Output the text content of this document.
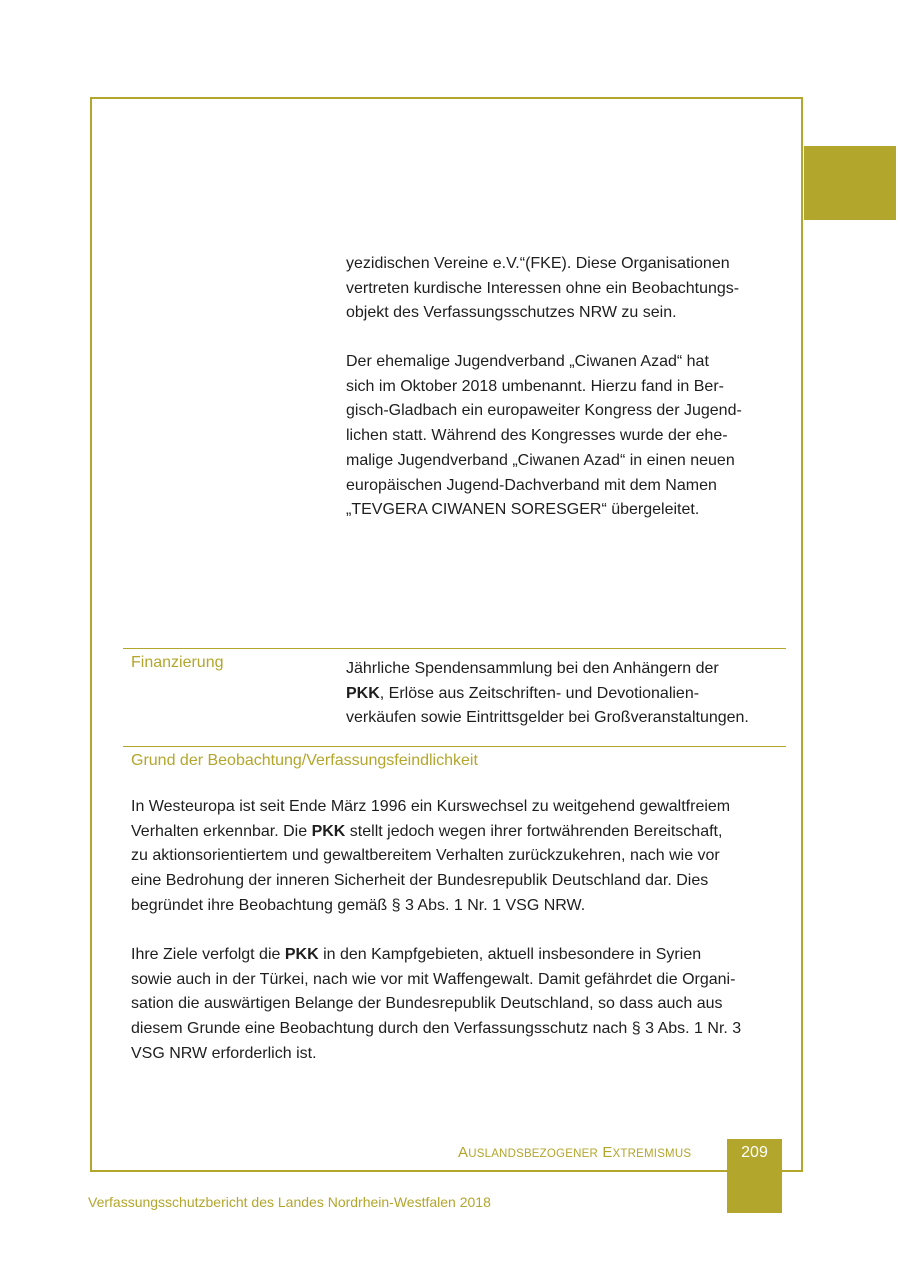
yezidischen Vereine e.V.“(FKE). Diese Organisationen
vertreten kurdische Interessen ohne ein Beobachtungs-
objekt des Verfassungsschutzes NRW zu sein.
Der ehemalige Jugendverband „Ciwanen Azad“ hat
sich im Oktober 2018 umbenannt. Hierzu fand in Ber-
gisch-Gladbach ein europaweiter Kongress der Jugend-
lichen statt. Während des Kongresses wurde der ehe-
malige Jugendverband „Ciwanen Azad“ in einen neuen
europäischen Jugend-Dachverband mit dem Namen
„TEVGERA CIWANEN SORESGER“ übergeleitet.
Finanzierung	Jährliche Spendensammlung bei den Anhängern der
PKK, Erlöse aus Zeitschriften- und Devotionalien-
verkäufen sowie Eintrittsgelder bei Großveranstaltungen.
Grund der Beobachtung/Verfassungsfeindlichkeit
In Westeuropa ist seit Ende März 1996 ein Kurswechsel zu weitgehend gewaltfreiem
Verhalten erkennbar. Die PKK stellt jedoch wegen ihrer fortwährenden Bereitschaft,
zu aktionsorientiertem und gewaltbereitem Verhalten zurückzukehren, nach wie vor
eine Bedrohung der inneren Sicherheit der Bundesrepublik Deutschland dar. Dies
begründet ihre Beobachtung gemäß § 3 Abs. 1 Nr. 1 VSG NRW.
Ihre Ziele verfolgt die PKK in den Kampfgebieten, aktuell insbesondere in Syrien
sowie auch in der Türkei, nach wie vor mit Waffengewalt. Damit gefährdet die Organi-
sation die auswärtigen Belange der Bundesrepublik Deutschland, so dass auch aus
diesem Grunde eine Beobachtung durch den Verfassungsschutz nach § 3 Abs. 1 Nr. 3
VSG NRW erforderlich ist.
AUSLANDSBEZOGENER EXTREMISMUS	209
Verfassungsschutzbericht des Landes Nordrhein-Westfalen 2018
